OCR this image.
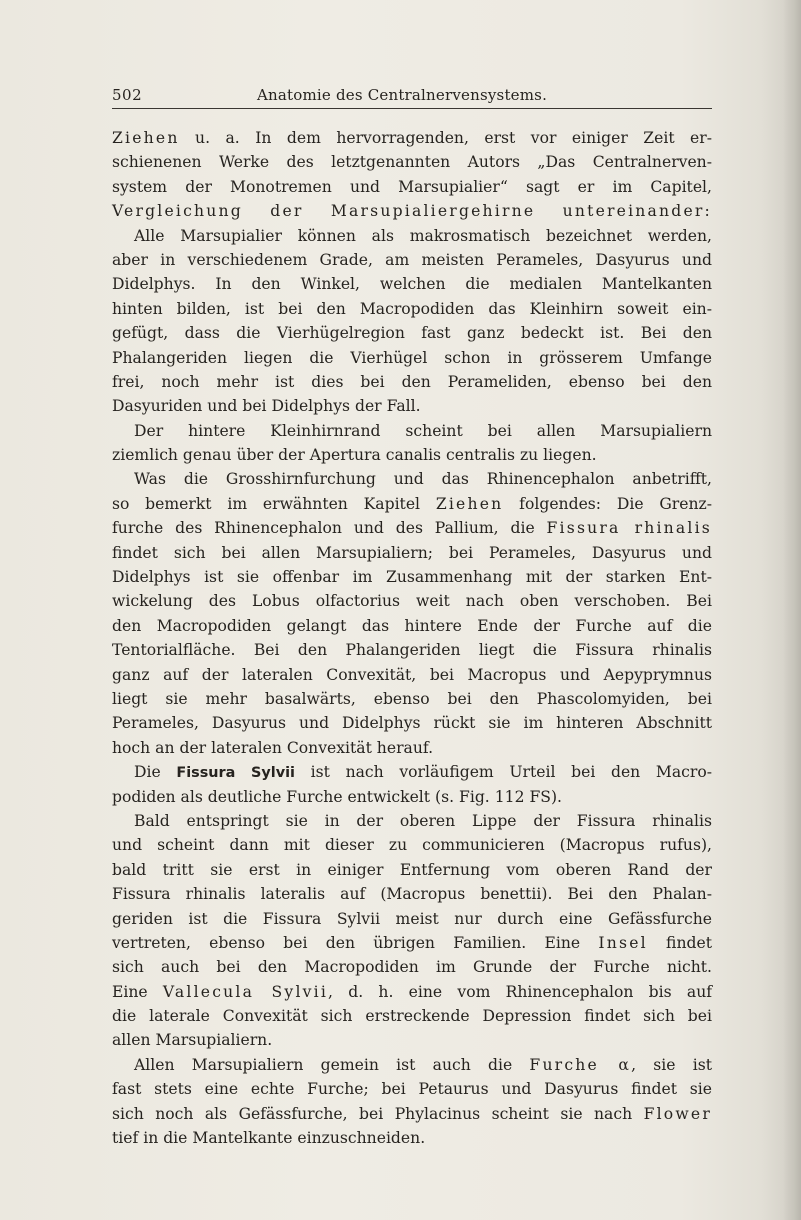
502	Anatomie des Centralnervensystems.
Ziehen u. a. In dem hervorragenden, erst vor einiger Zeit er-
schienenen Werke des letztgenannten Autors „Das Centralnerven-
system der Monotremen und Marsupialier“ sagt er im Capitel,
Vergleichung der Marsupialiergehirne untereinander:
Alle Marsupialier können als makrosmatisch bezeichnet werden,
aber in verschiedenem Grade, am meisten Perameles, Dasyurus und
Didelphys. In den Winkel, welchen die medialen Mantelkanten
hinten bilden, ist bei den Macropodiden das Kleinhirn soweit ein-
gefügt, dass die Vierhügelregion fast ganz bedeckt ist. Bei den
Phalangeriden liegen die Vierhügel schon in grösserem Umfange
frei, noch mehr ist dies bei den Perameliden, ebenso bei den
Dasyuriden und bei Didelphys der Fall.
Der hintere Kleinhirnrand scheint bei allen Marsupialiern
ziemlich genau über der Apertura canalis centralis zu liegen.
Was die Grosshirnfurchung und das Rhinencephalon anbetrifft,
so bemerkt im erwähnten Kapitel Ziehen folgendes: Die Grenz-
furche des Rhinencephalon und des Pallium, die Fissura rhinalis
findet sich bei allen Marsupialiern; bei Perameles, Dasyurus und
Didelphys ist sie offenbar im Zusammenhang mit der starken Ent-
wickelung des Lobus olfactorius weit nach oben verschoben. Bei
den Macropodiden gelangt das hintere Ende der Furche auf die
Tentorialfläche. Bei den Phalangeriden liegt die Fissura rhinalis
ganz auf der lateralen Convexität, bei Macropus und Aepyprymnus
liegt sie mehr basalwärts, ebenso bei den Phascolomyiden, bei
Perameles, Dasyurus und Didelphys rückt sie im hinteren Abschnitt
hoch an der lateralen Convexität herauf.
Die Fissura Sylvii ist nach vorläufigem Urteil bei den Macro-
podiden als deutliche Furche entwickelt (s. Fig. 112 FS).
Bald entspringt sie in der oberen Lippe der Fissura rhinalis
und scheint dann mit dieser zu communicieren (Macropus rufus),
bald tritt sie erst in einiger Entfernung vom oberen Rand der
Fissura rhinalis lateralis auf (Macropus benettii). Bei den Phalan-
geriden ist die Fissura Sylvii meist nur durch eine Gefässfurche
vertreten, ebenso bei den übrigen Familien. Eine Insel findet
sich auch bei den Macropodiden im Grunde der Furche nicht.
Eine Vallecula Sylvii, d. h. eine vom Rhinencephalon bis auf
die laterale Convexität sich erstreckende Depression findet sich bei
allen Marsupialiern.
Allen Marsupialiern gemein ist auch die Furche α, sie ist
fast stets eine echte Furche; bei Petaurus und Dasyurus findet sie
sich noch als Gefässfurche, bei Phylacinus scheint sie nach Flower
tief in die Mantelkante einzuschneiden.
